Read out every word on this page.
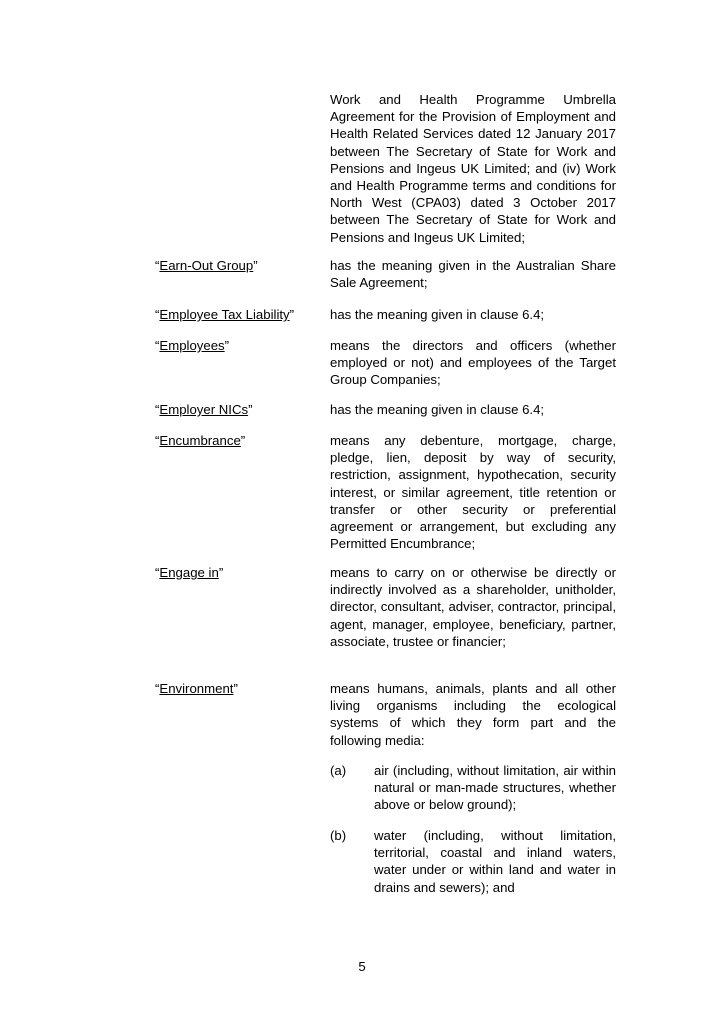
Work and Health Programme Umbrella Agreement for the Provision of Employment and Health Related Services dated 12 January 2017 between The Secretary of State for Work and Pensions and Ingeus UK Limited; and (iv) Work and Health Programme terms and conditions for North West (CPA03) dated 3 October 2017 between The Secretary of State for Work and Pensions and Ingeus UK Limited;
“Earn-Out Group”	has the meaning given in the Australian Share Sale Agreement;
“Employee Tax Liability”	has the meaning given in clause 6.4;
“Employees”	means the directors and officers (whether employed or not) and employees of the Target Group Companies;
“Employer NICs”	has the meaning given in clause 6.4;
“Encumbrance”	means any debenture, mortgage, charge, pledge, lien, deposit by way of security, restriction, assignment, hypothecation, security interest, or similar agreement, title retention or transfer or other security or preferential agreement or arrangement, but excluding any Permitted Encumbrance;
“Engage in”	means to carry on or otherwise be directly or indirectly involved as a shareholder, unitholder, director, consultant, adviser, contractor, principal, agent, manager, employee, beneficiary, partner, associate, trustee or financier;
“Environment”	means humans, animals, plants and all other living organisms including the ecological systems of which they form part and the following media:
(a) air (including, without limitation, air within natural or man-made structures, whether above or below ground);
(b) water (including, without limitation, territorial, coastal and inland waters, water under or within land and water in drains and sewers); and
5
